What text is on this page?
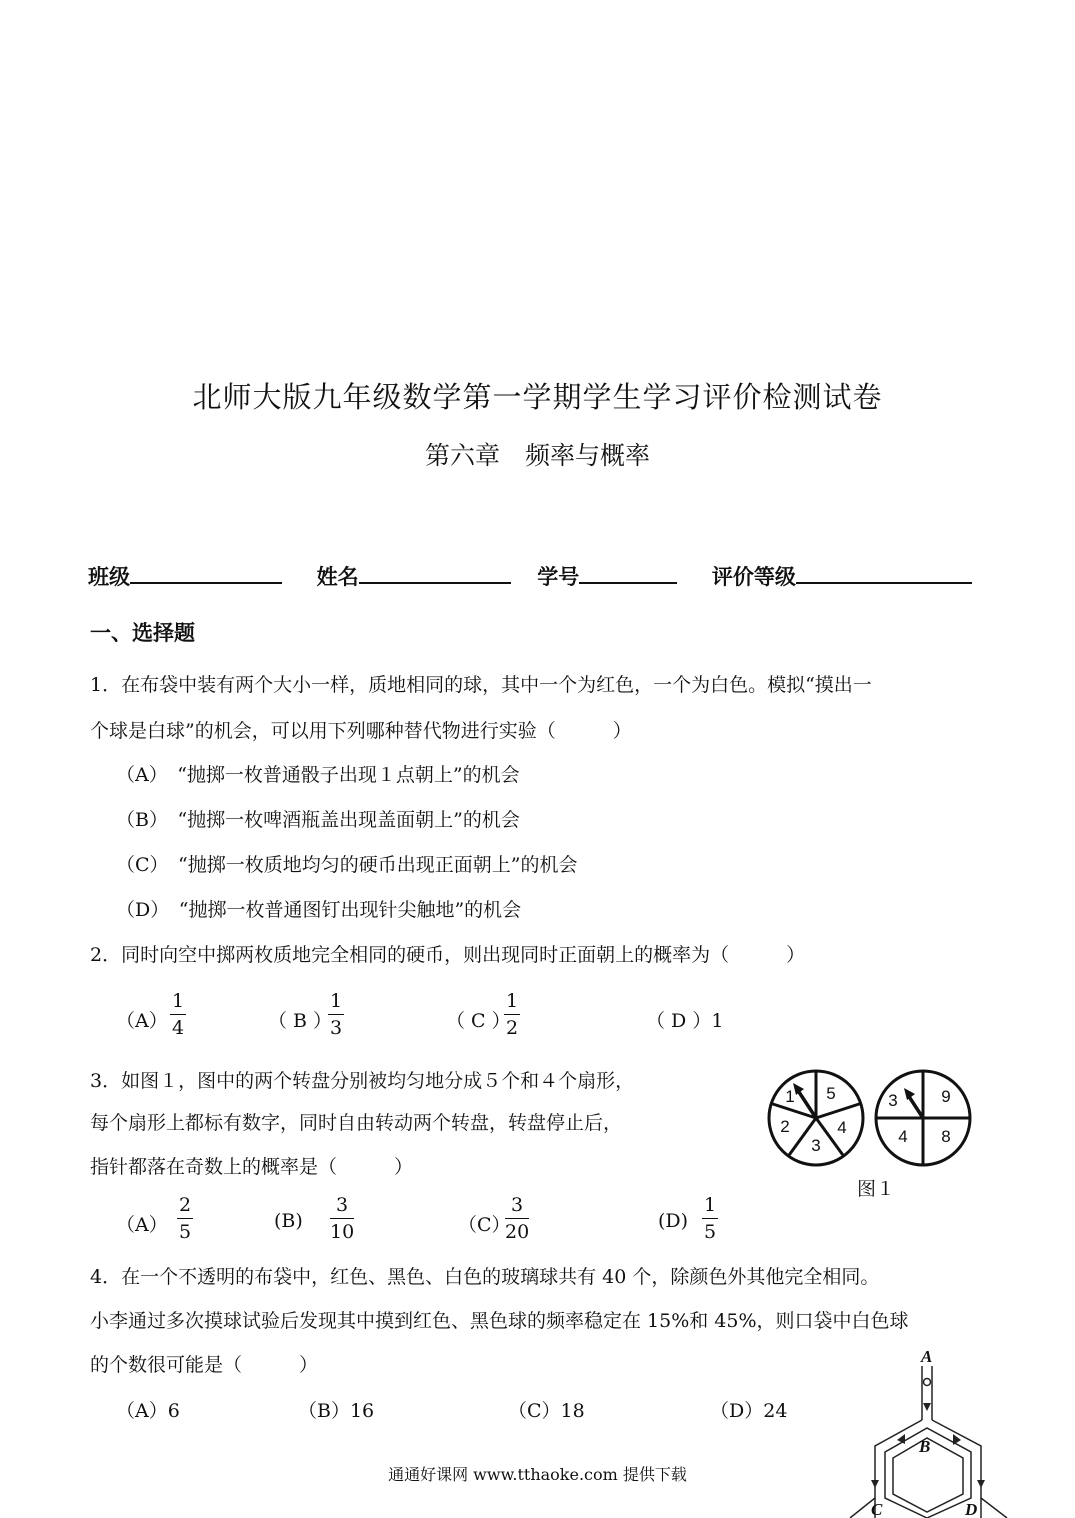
北师大版九年级数学第一学期学生学习评价检测试卷
第六章　频率与概率
班级	姓名	学号	评价等级
一、选择题
1．在布袋中装有两个大小一样，质地相同的球，其中一个为红色，一个为白色。模拟“摸出一
个球是白球”的机会，可以用下列哪种替代物进行实验（　　　）
（A）　“抛掷一枚普通骰子出现１点朝上”的机会
（B）　“抛掷一枚啤酒瓶盖出现盖面朝上”的机会
（C）　“抛掷一枚质地均匀的硬币出现正面朝上”的机会
（D）　“抛掷一枚普通图钉出现针尖触地”的机会
2．同时向空中掷两枚质地完全相同的硬币，则出现同时正面朝上的概率为（　　　）
$(A) \frac{1}{4}$	（ B ）
$\frac{1}{3}$	（ C ）
$\frac{1}{2}$	（ D ）1
3．如图１，图中的两个转盘分别被均匀地分成５个和４个扇形，
每个扇形上都标有数字，同时自由转动两个转盘，转盘停止后，
指针都落在奇数上的概率是（　　　）
1 5
4
3
2
3	9
8
4
图１
$(A) \frac{2}{5}$	$(B) \frac{3}{10}$	（C）
$\frac{3}{20}$	$(D) \frac{1}{5}$
4．在一个不透明的布袋中，红色、黑色、白色的玻璃球共有 40 个，除颜色外其他完全相同。
小李通过多次摸球试验后发现其中摸到红色、黑色球的频率稳定在 15%和 45%，则口袋中白色球
的个数很可能是（　　　）
（A）6	（B）16	（C）18	（D）24
A
B
C	D
通通好课网 www.tthaoke.com 提供下载
